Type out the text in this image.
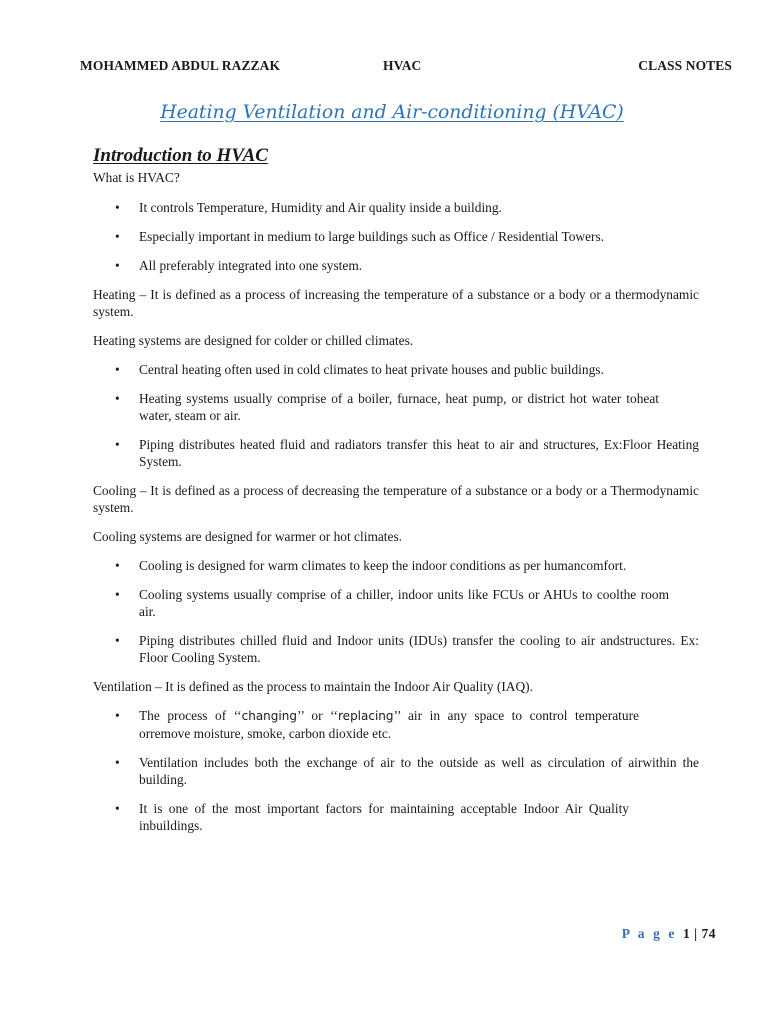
MOHAMMED ABDUL RAZZAK	HVAC	CLASS NOTES
Heating Ventilation and Air-conditioning (HVAC)
Introduction to HVAC

What is HVAC?

• It controls Temperature, Humidity and Air quality inside a building.
• Especially important in medium to large buildings such as Office / Residential Towers.
• All preferably integrated into one system.

Heating – It is defined as a process of increasing the temperature of a substance or a body or a thermodynamic system.

Heating systems are designed for colder or chilled climates.

• Central heating often used in cold climates to heat private houses and public buildings.
• Heating systems usually comprise of a boiler, furnace, heat pump, or district hot water toheat water, steam or air.
• Piping distributes heated fluid and radiators transfer this heat to air and structures, Ex:Floor Heating System.

Cooling – It is defined as a process of decreasing the temperature of a substance or a body or a Thermodynamic system.

Cooling systems are designed for warmer or hot climates.

• Cooling is designed for warm climates to keep the indoor conditions as per humancomfort.
• Cooling systems usually comprise of a chiller, indoor units like FCUs or AHUs to coolthe room air.
• Piping distributes chilled fluid and Indoor units (IDUs) transfer the cooling to air andstructures. Ex: Floor Cooling System.

Ventilation – It is defined as the process to maintain the Indoor Air Quality (IAQ).

• The process of ‘‘changing’’ or ‘‘replacing’’ air in any space to control temperature orremove moisture, smoke, carbon dioxide etc.
• Ventilation includes both the exchange of air to the outside as well as circulation of airwithin the building.
• It is one of the most important factors for maintaining acceptable Indoor Air Quality inbuildings.
P a g e 1 | 74
